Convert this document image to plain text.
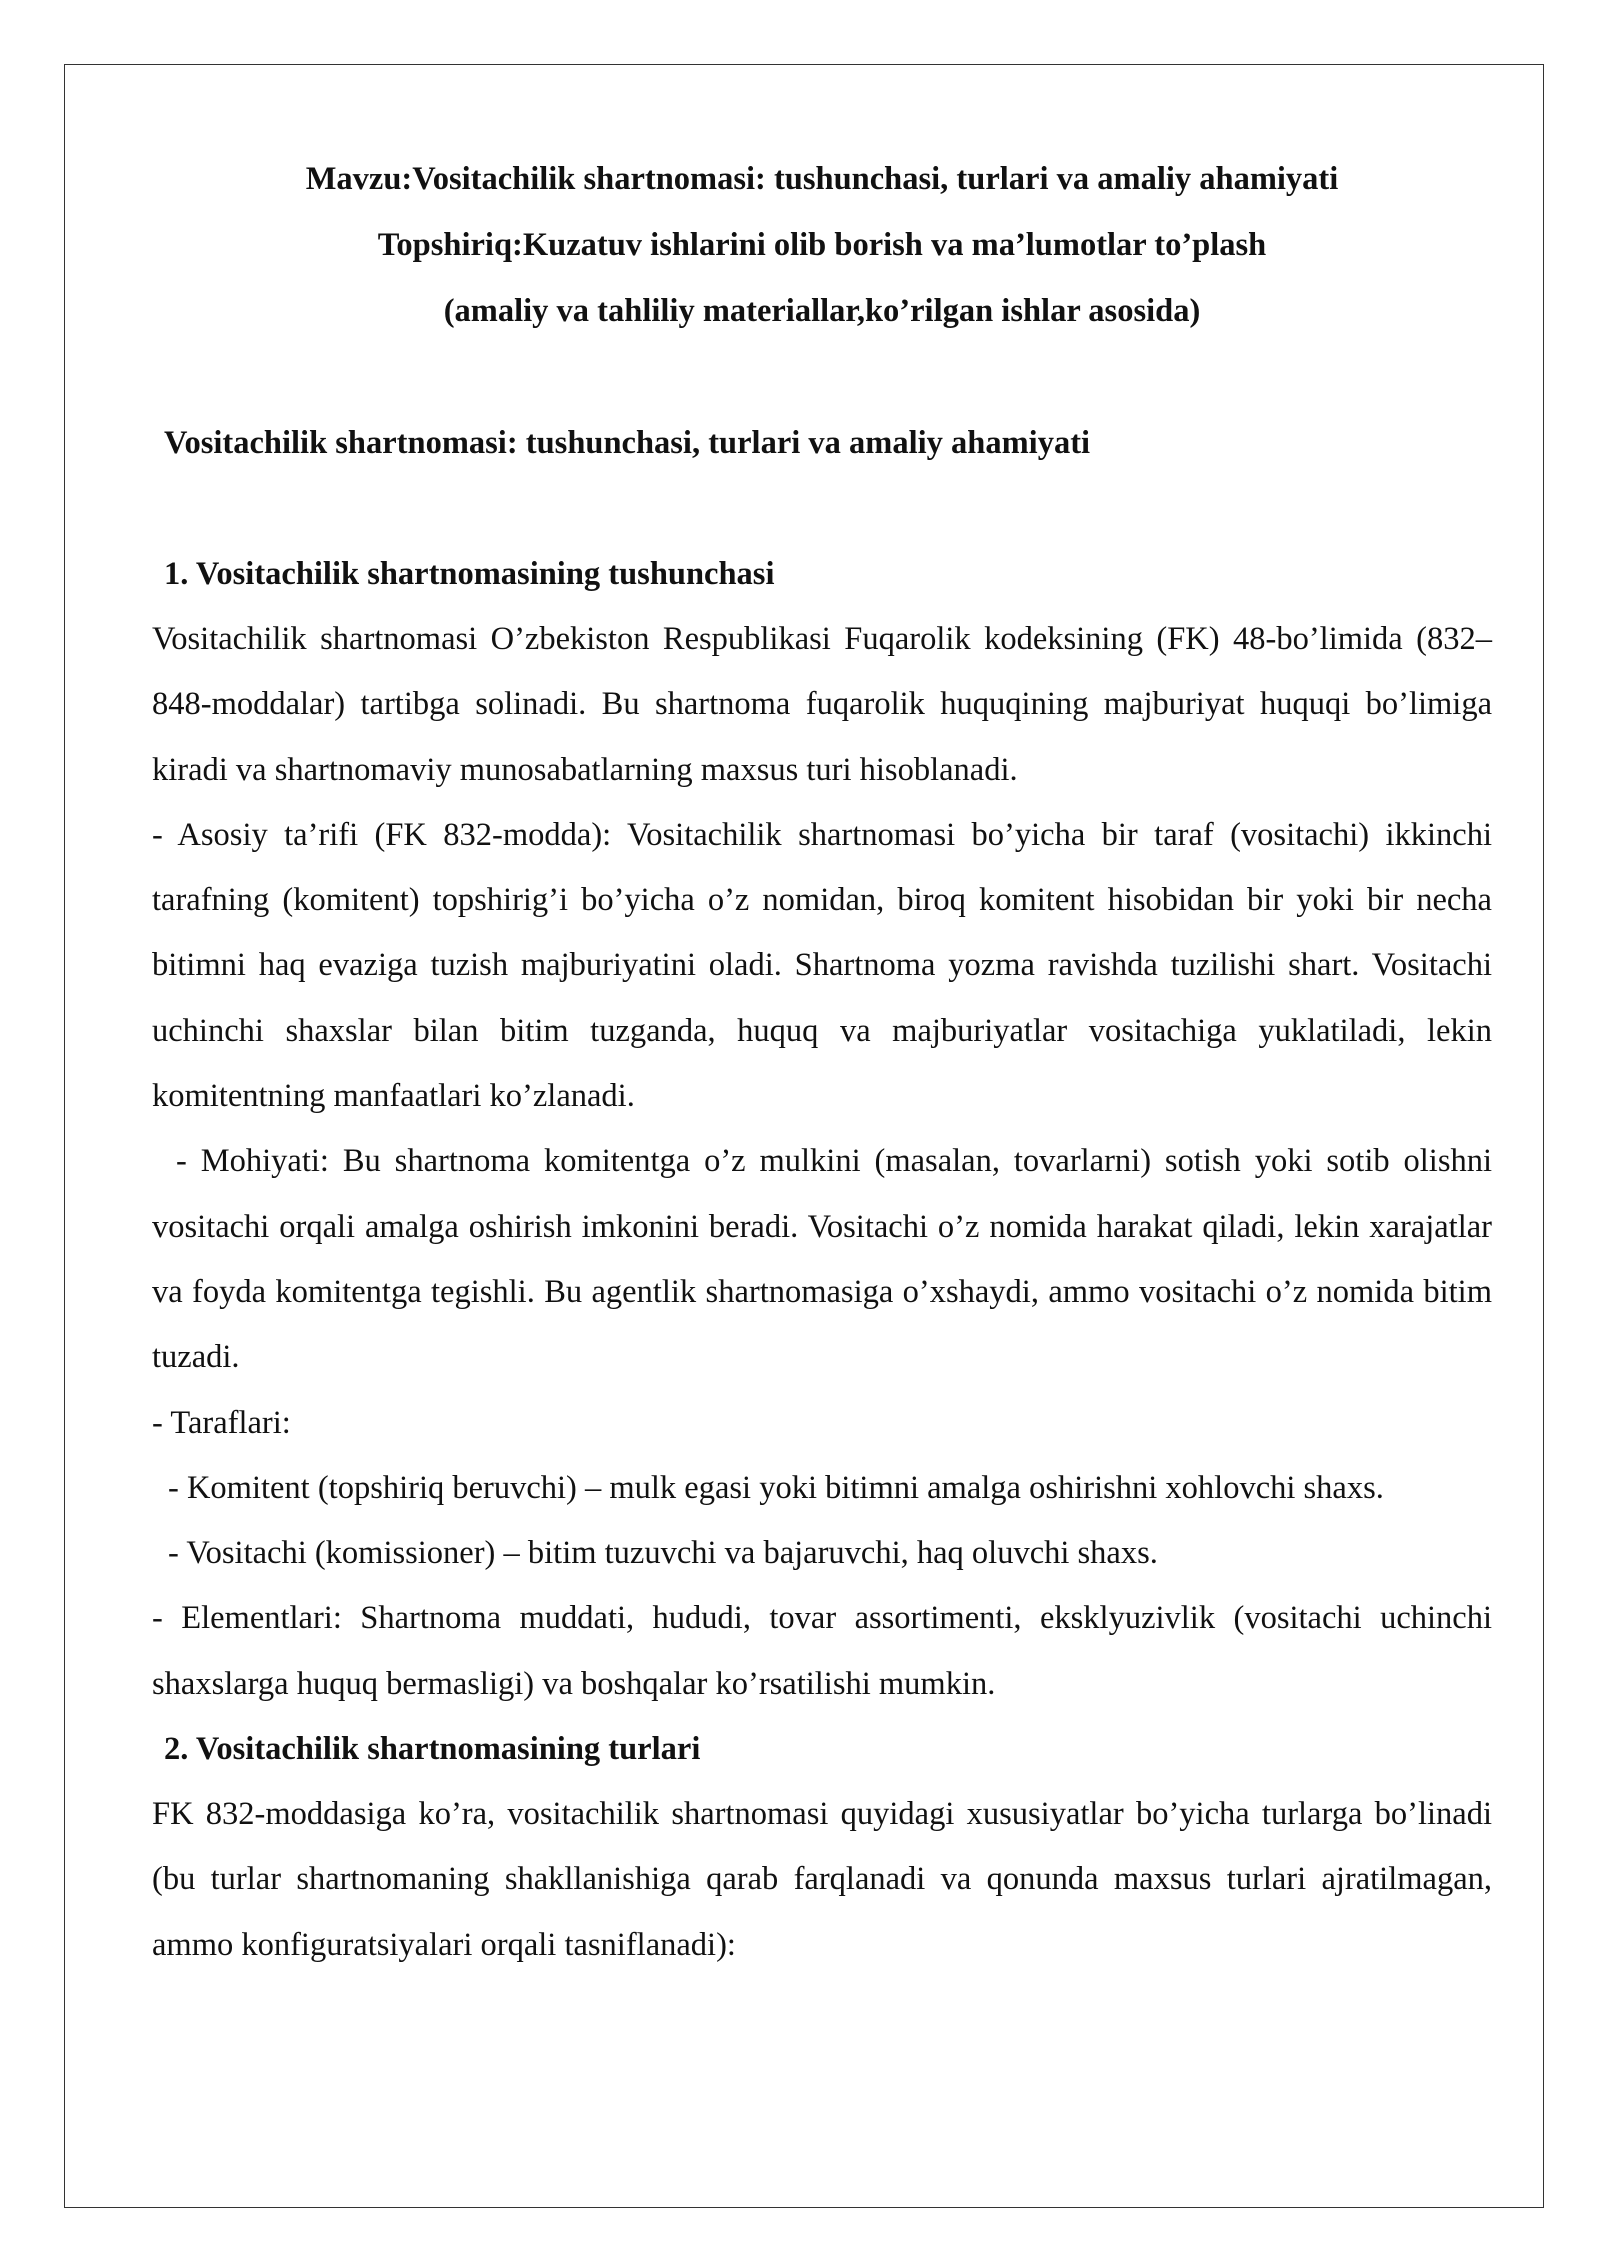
Mavzu:Vositachilik shartnomasi: tushunchasi, turlari va amaliy ahamiyati

Topshiriq:Kuzatuv ishlarini olib borish va ma’lumotlar to’plash

(amaliy va tahliliy materiallar,ko’rilgan ishlar asosida)

Vositachilik shartnomasi: tushunchasi, turlari va amaliy ahamiyati

1. Vositachilik shartnomasining tushunchasi

Vositachilik shartnomasi O’zbekiston Respublikasi Fuqarolik kodeksining (FK) 48-bo’limida (832–848-moddalar) tartibga solinadi. Bu shartnoma fuqarolik huquqining majburiyat huquqi bo’limiga kiradi va shartnomaviy munosabatlarning maxsus turi hisoblanadi.

- Asosiy ta’rifi (FK 832-modda): Vositachilik shartnomasi bo’yicha bir taraf (vositachi) ikkinchi tarafning (komitent) topshirig’i bo’yicha o’z nomidan, biroq komitent hisobidan bir yoki bir necha bitimni haq evaziga tuzish majburiyatini oladi. Shartnoma yozma ravishda tuzilishi shart. Vositachi uchinchi shaxslar bilan bitim tuzganda, huquq va majburiyatlar vositachiga yuklatiladi, lekin komitentning manfaatlari ko’zlanadi.

- Mohiyati: Bu shartnoma komitentga o’z mulkini (masalan, tovarlarni) sotish yoki sotib olishni vositachi orqali amalga oshirish imkonini beradi. Vositachi o’z nomida harakat qiladi, lekin xarajatlar va foyda komitentga tegishli. Bu agentlik shartnomasiga o’xshaydi, ammo vositachi o’z nomida bitim tuzadi.

- Taraflari:

- Komitent (topshiriq beruvchi) – mulk egasi yoki bitimni amalga oshirishni xohlovchi shaxs.

- Vositachi (komissioner) – bitim tuzuvchi va bajaruvchi, haq oluvchi shaxs.

- Elementlari: Shartnoma muddati, hududi, tovar assortimenti, eksklyuzivlik (vositachi uchinchi shaxslarga huquq bermasligi) va boshqalar ko’rsatilishi mumkin.

2. Vositachilik shartnomasining turlari

FK 832-moddasiga ko’ra, vositachilik shartnomasi quyidagi xususiyatlar bo’yicha turlarga bo’linadi (bu turlar shartnomaning shakllanishiga qarab farqlanadi va qonunda maxsus turlari ajratilmagan, ammo konfiguratsiyalari orqali tasniflanadi):
